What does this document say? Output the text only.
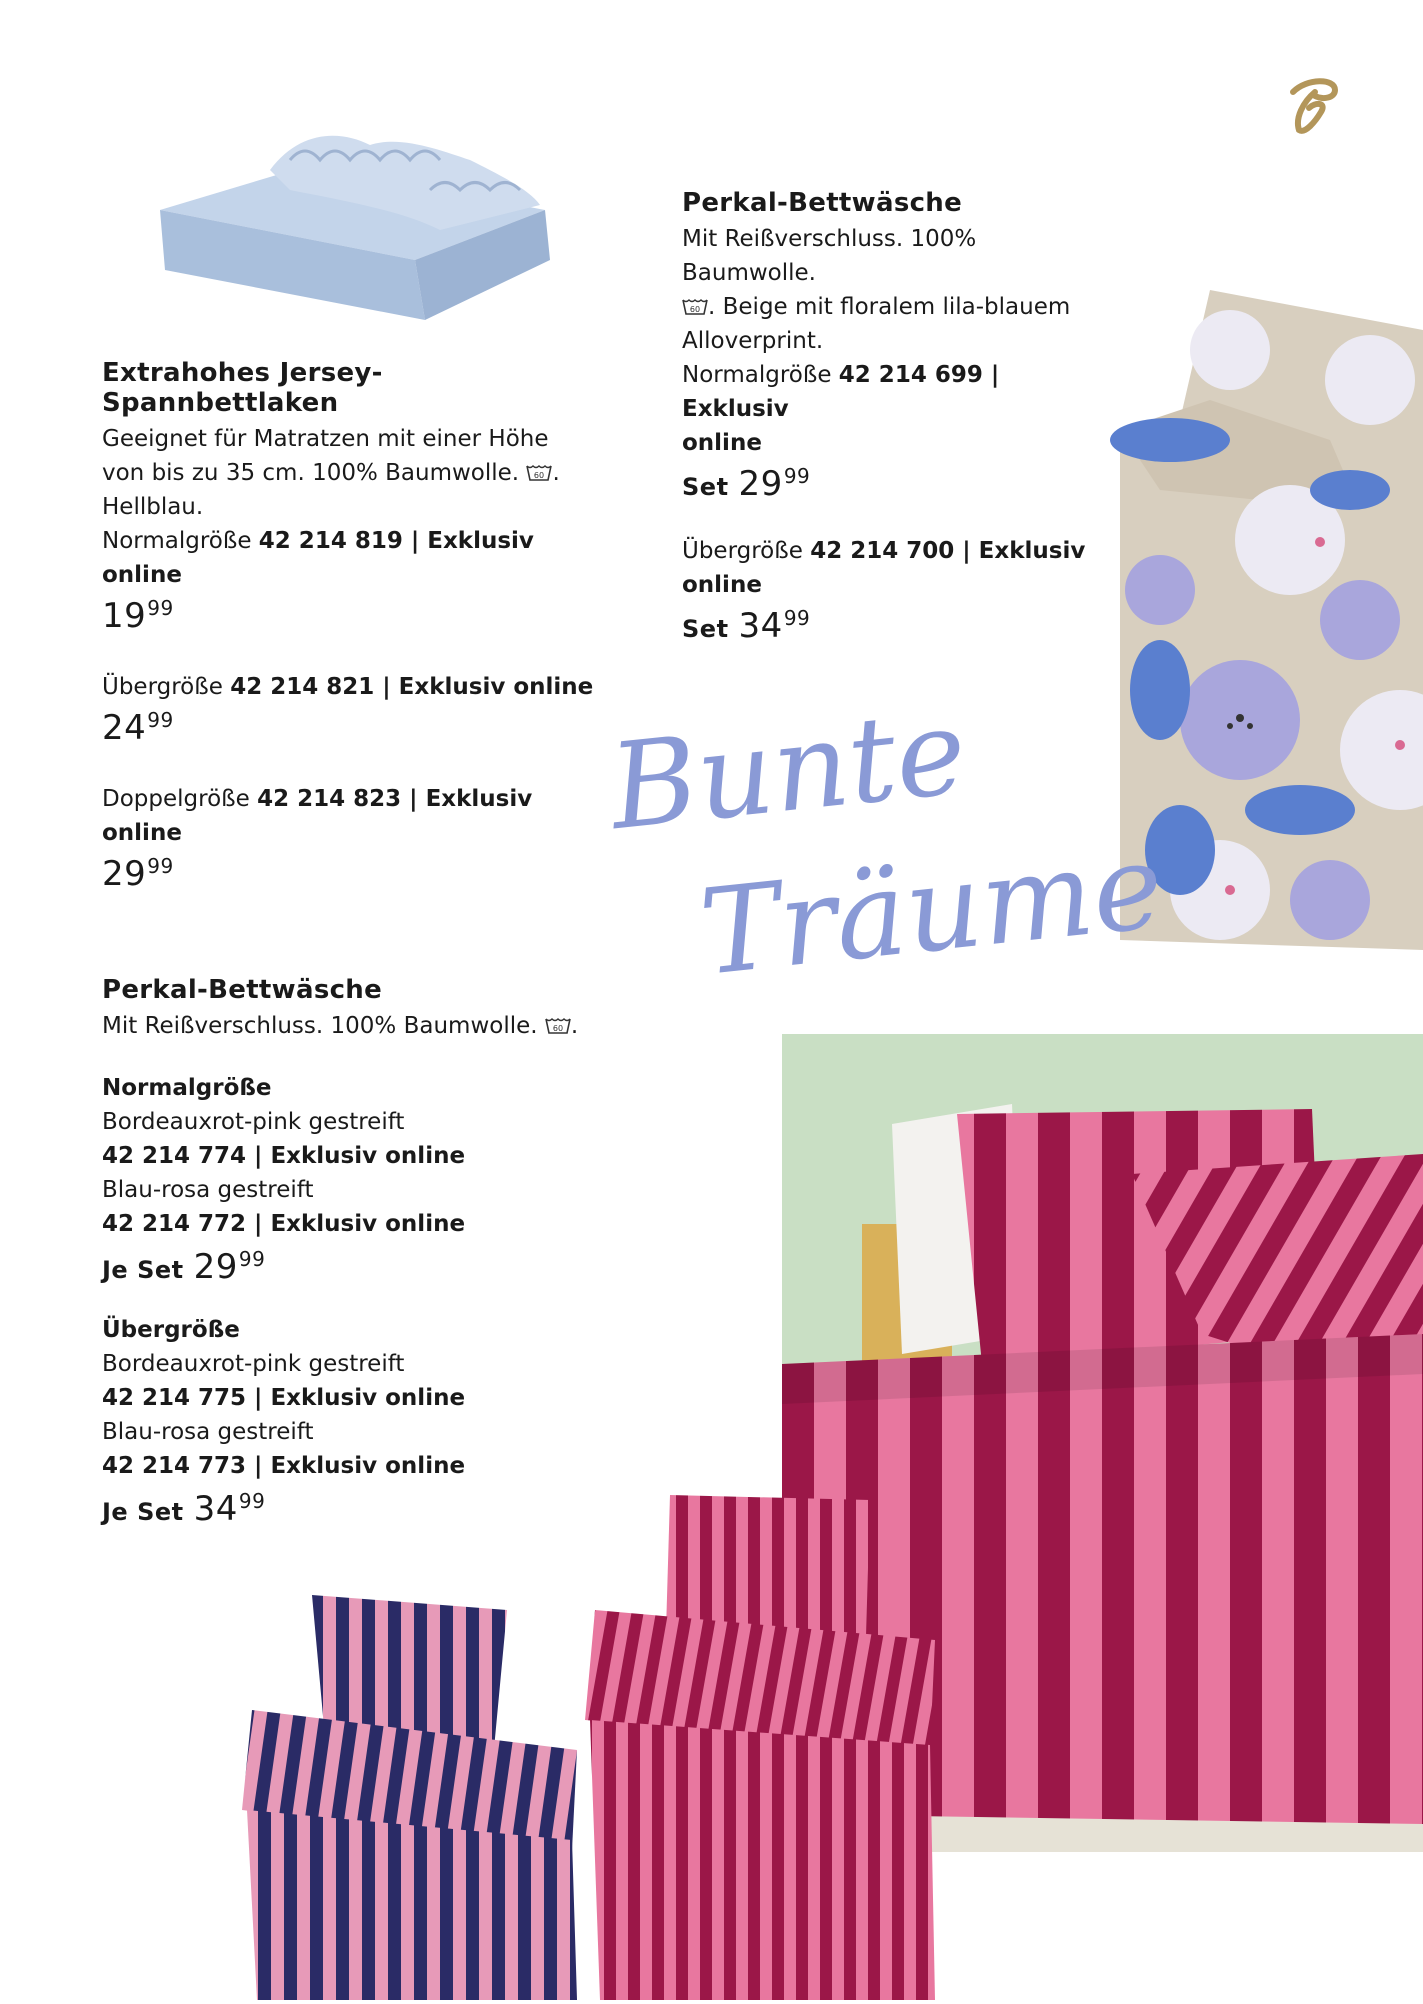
Extrahohes Jersey-Spannbettlaken
Geeignet für Matratzen mit einer Höhe
von bis zu 35 cm. 100% Baumwolle. 60 .
Hellblau.
Normalgröße 42 214 819 | Exklusiv
online
$19^{99}$
Übergröße 42 214 821 | Exklusiv online
$24^{99}$
Doppelgröße 42 214 823 | Exklusiv
online
$29^{99}$
Perkal-Bettwäsche
Mit Reißverschluss. 100% Baumwolle.
60 . Beige mit floralem lila-blauem
Alloverprint.
Normalgröße 42 214 699 | Exklusiv
online
Set $29^{99}$
Übergröße 42 214 700 | Exklusiv
online
Set $34^{99}$
Bunte
Träume
Perkal-Bettwäsche
Mit Reißverschluss. 100% Baumwolle. 60 .
Normalgröße
Bordeauxrot-pink gestreift
42 214 774 | Exklusiv online
Blau-rosa gestreift
42 214 772 | Exklusiv online
Je Set $29^{99}$
Übergröße
Bordeauxrot-pink gestreift
42 214 775 | Exklusiv online
Blau-rosa gestreift
42 214 773 | Exklusiv online
Je Set $34^{99}$
